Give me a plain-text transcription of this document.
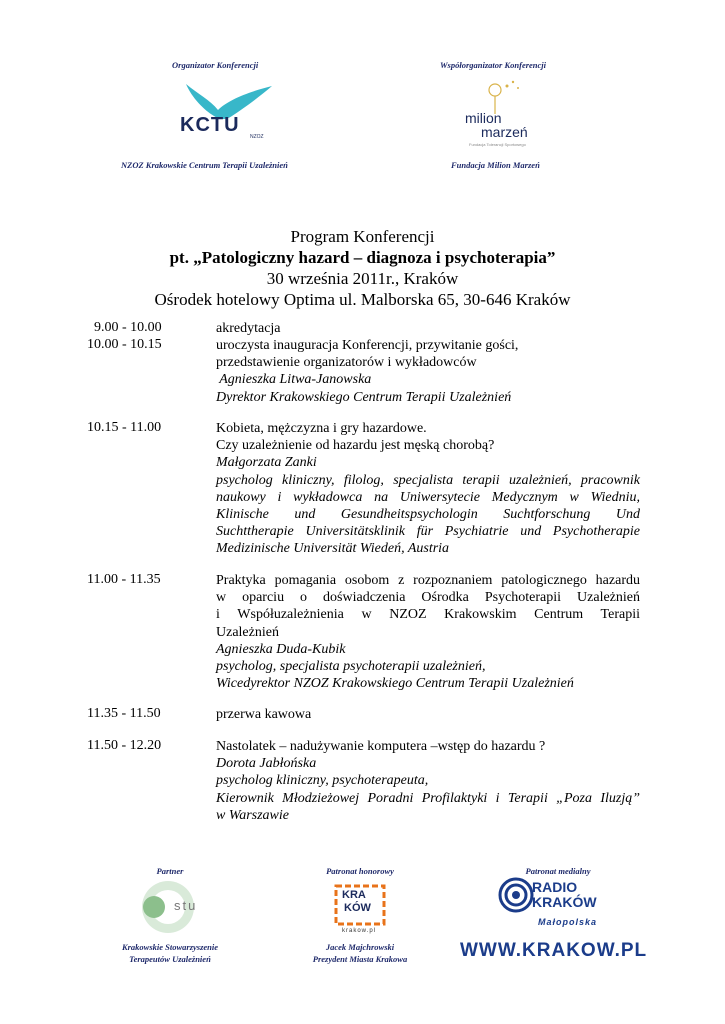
Organizator Konferencji
KCTU
NZOZ
NZOZ Krakowskie Centrum Terapii Uzależnień
Współorganizator Konferencji
milion
marzeń
Fundacja Tolerancji Sportowego
Fundacja Milion Marzeń
Program Konferencji
pt. „Patologiczny hazard – diagnoza i psychoterapia”
30 września 2011r., Kraków
Ośrodek hotelowy Optima ul. Malborska 65, 30-646 Kraków
9.00 - 10.00	akredytacja
10.00 - 10.15	uroczysta inauguracja Konferencji, przywitanie gości,
przedstawienie organizatorów i wykładowców
Agnieszka Litwa-Janowska
Dyrektor Krakowskiego Centrum Terapii Uzależnień
10.15 - 11.00	Kobieta, mężczyzna i gry hazardowe.
Czy uzależnienie od hazardu jest męską chorobą?
Małgorzata Zanki
psycholog kliniczny, filolog, specjalista terapii uzależnień, pracownik
naukowy i wykładowca na Uniwersytecie Medycznym w Wiedniu,
Klinische und Gesundheitspsychologin Suchtforschung Und
Suchttherapie Universitätsklinik für Psychiatrie und Psychotherapie
Medizinische Universität Wiedeń, Austria
11.00 - 11.35	Praktyka pomagania osobom z rozpoznaniem patologicznego hazardu
w oparciu o doświadczenia Ośrodka Psychoterapii Uzależnień
i Współuzależnienia w NZOZ Krakowskim Centrum Terapii
Uzależnień
Agnieszka Duda-Kubik
psycholog, specjalista psychoterapii uzależnień,
Wicedyrektor NZOZ Krakowskiego Centrum Terapii Uzależnień
11.35 - 11.50	przerwa kawowa
11.50 - 12.20	Nastolatek – nadużywanie komputera –wstęp do hazardu ?
Dorota Jabłońska
psycholog kliniczny, psychoterapeuta,
Kierownik Młodzieżowej Poradni Profilaktyki i Terapii „Poza Iluzją”
w Warszawie
Partner
stu
Krakowskie Stowarzyszenie
Terapeutów Uzależnień
Patronat honorowy
KRA
KÓW
krakow.pl
Jacek Majchrowski
Prezydent Miasta Krakowa
Patronat medialny
RADIO
KRAKÓW
Małopolska
WWW.KRAKOW.PL
